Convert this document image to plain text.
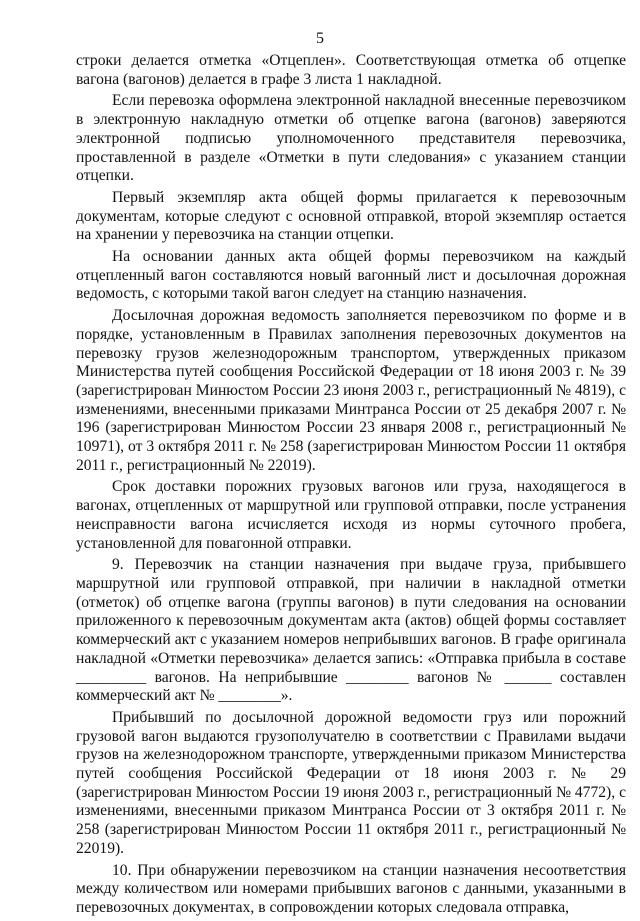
5

строки делается отметка «Отцеплен». Соответствующая отметка об отцепке вагона (вагонов) делается в графе 3 листа 1 накладной.

Если перевозка оформлена электронной накладной внесенные перевозчиком в электронную накладную отметки об отцепке вагона (вагонов) заверяются электронной подписью уполномоченного представителя перевозчика, проставленной в разделе «Отметки в пути следования» с указанием станции отцепки.

Первый экземпляр акта общей формы прилагается к перевозочным документам, которые следуют с основной отправкой, второй экземпляр остается на хранении у перевозчика на станции отцепки.

На основании данных акта общей формы перевозчиком на каждый отцепленный вагон составляются новый вагонный лист и досылочная дорожная ведомость, с которыми такой вагон следует на станцию назначения.

Досылочная дорожная ведомость заполняется перевозчиком по форме и в порядке, установленным в Правилах заполнения перевозочных документов на перевозку грузов железнодорожным транспортом, утвержденных приказом Министерства путей сообщения Российской Федерации от 18 июня 2003 г. № 39 (зарегистрирован Минюстом России 23 июня 2003 г., регистрационный № 4819), с изменениями, внесенными приказами Минтранса России от 25 декабря 2007 г. № 196 (зарегистрирован Минюстом России 23 января 2008 г., регистрационный № 10971), от 3 октября 2011 г. № 258 (зарегистрирован Минюстом России 11 октября 2011 г., регистрационный № 22019).

Срок доставки порожних грузовых вагонов или груза, находящегося в вагонах, отцепленных от маршрутной или групповой отправки, после устранения неисправности вагона исчисляется исходя из нормы суточного пробега, установленной для повагонной отправки.

9. Перевозчик на станции назначения при выдаче груза, прибывшего маршрутной или групповой отправкой, при наличии в накладной отметки (отметок) об отцепке вагона (группы вагонов) в пути следования на основании приложенного к перевозочным документам акта (актов) общей формы составляет коммерческий акт с указанием номеров неприбывших вагонов. В графе оригинала накладной «Отметки перевозчика» делается запись: «Отправка прибыла в составе _________ вагонов. На неприбывшие ________ вагонов № ______ составлен коммерческий акт № ________».

Прибывший по досылочной дорожной ведомости груз или порожний грузовой вагон выдаются грузополучателю в соответствии с Правилами выдачи грузов на железнодорожном транспорте, утвержденными приказом Министерства путей сообщения Российской Федерации от 18 июня 2003 г. № 29 (зарегистрирован Минюстом России 19 июня 2003 г., регистрационный № 4772), с изменениями, внесенными приказом Минтранса России от 3 октября 2011 г. № 258 (зарегистрирован Минюстом России 11 октября 2011 г., регистрационный № 22019).

10. При обнаружении перевозчиком на станции назначения несоответствия между количеством или номерами прибывших вагонов с данными, указанными в перевозочных документах, в сопровождении которых следовала отправка,
